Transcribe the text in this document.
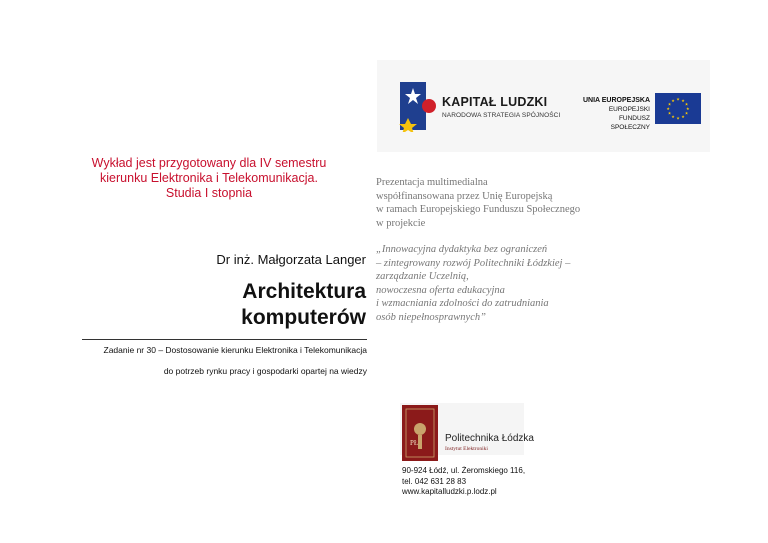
KAPITAŁ LUDZKI
NARODOWA STRATEGIA SPÓJNOŚCI
UNIA EUROPEJSKA
EUROPEJSKI
FUNDUSZ SPOŁECZNY
★ ★
★
★
★
★
★
★
★
★
★
★
Wykład jest przygotowany dla IV semestru
kierunku Elektronika i Telekomunikacja.
Studia I stopnia
Dr inż. Małgorzata Langer
Architektura
komputerów
Zadanie nr 30 – Dostosowanie kierunku Elektronika i Telekomunikacja
do potrzeb rynku pracy i gospodarki opartej na wiedzy
Prezentacja multimedialna
współfinansowana przez Unię Europejską
w ramach Europejskiego Funduszu Społecznego
w projekcie
„Innowacyjna dydaktyka bez ograniczeń
– zintegrowany rozwój Politechniki Łódzkiej –
zarządzanie Uczelnią,
nowoczesna oferta edukacyjna
i wzmacniania zdolności do zatrudniania
osób niepełnosprawnych”
PŁ	Politechnika Łódzka
Instytut Elektroniki
90-924 Łódź, ul. Żeromskiego 116,
tel. 042 631 28 83
www.kapitalludzki.p.lodz.pl
